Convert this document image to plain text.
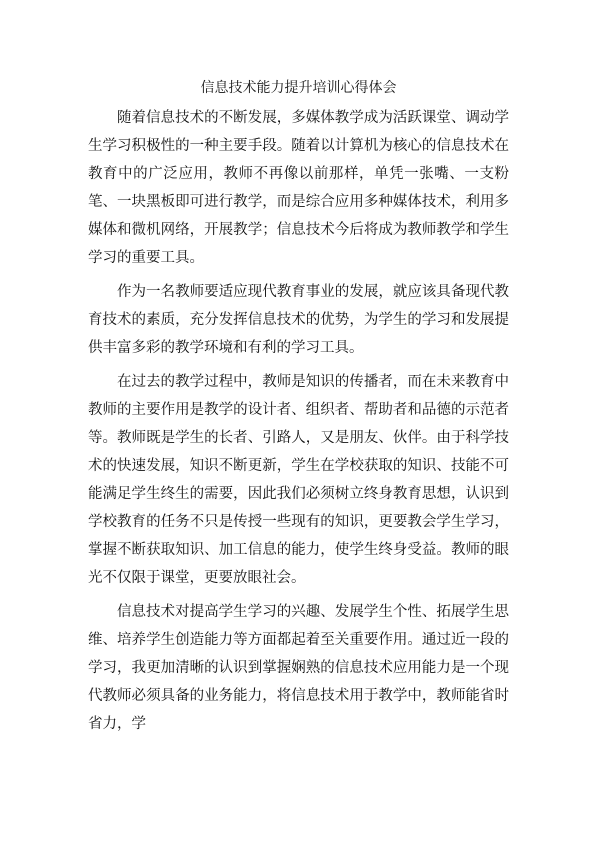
信息技术能力提升培训心得体会

随着信息技术的不断发展，多媒体教学成为活跃课堂、调动学生学习积极性的一种主要手段。随着以计算机为核心的信息技术在教育中的广泛应用，教师不再像以前那样，单凭一张嘴、一支粉笔、一块黑板即可进行教学，而是综合应用多种媒体技术，利用多媒体和微机网络，开展教学；信息技术今后将成为教师教学和学生学习的重要工具。

作为一名教师要适应现代教育事业的发展，就应该具备现代教育技术的素质，充分发挥信息技术的优势，为学生的学习和发展提供丰富多彩的教学环境和有利的学习工具。

在过去的教学过程中，教师是知识的传播者，而在未来教育中教师的主要作用是教学的设计者、组织者、帮助者和品德的示范者等。教师既是学生的长者、引路人，又是朋友、伙伴。由于科学技术的快速发展，知识不断更新，学生在学校获取的知识、技能不可能满足学生终生的需要，因此我们必须树立终身教育思想，认识到学校教育的任务不只是传授一些现有的知识，更要教会学生学习，掌握不断获取知识、加工信息的能力，使学生终身受益。教师的眼光不仅限于课堂，更要放眼社会。

信息技术对提高学生学习的兴趣、发展学生个性、拓展学生思维、培养学生创造能力等方面都起着至关重要作用。通过近一段的学习，我更加清晰的认识到掌握娴熟的信息技术应用能力是一个现代教师必须具备的业务能力，将信息技术用于教学中，教师能省时省力，学
